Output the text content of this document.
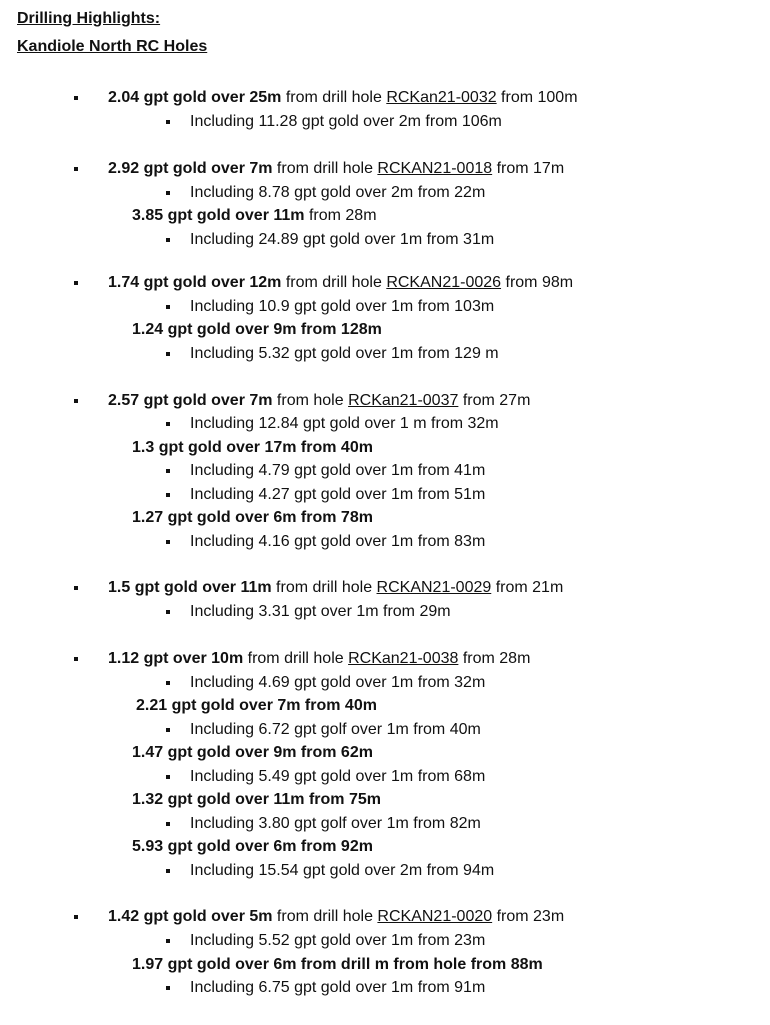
Drilling Highlights:
Kandiole North RC Holes
2.04 gpt gold over 25m from drill hole RCKan21-0032 from 100m
Including 11.28 gpt gold over 2m from 106m
2.92 gpt gold over 7m from drill hole RCKAN21-0018 from 17m
Including 8.78 gpt gold over 2m from 22m
3.85 gpt gold over 11m from 28m
Including 24.89 gpt gold over 1m from 31m
1.74 gpt gold over 12m from drill hole RCKAN21-0026 from 98m
Including 10.9 gpt gold over 1m from 103m
1.24 gpt gold over 9m from 128m
Including 5.32 gpt gold over 1m from 129 m
2.57 gpt gold over 7m from hole RCKan21-0037 from 27m
Including 12.84 gpt gold over 1 m from 32m
1.3 gpt gold over 17m from 40m
Including 4.79 gpt gold over 1m from 41m
Including 4.27 gpt gold over 1m from 51m
1.27 gpt gold over 6m from 78m
Including 4.16 gpt gold over 1m from 83m
1.5 gpt gold over 11m from drill hole RCKAN21-0029 from 21m
Including 3.31 gpt over 1m from 29m
1.12 gpt over 10m from drill hole RCKan21-0038 from 28m
Including 4.69 gpt gold over 1m from 32m
2.21 gpt gold over 7m from 40m
Including 6.72 gpt golf over 1m from 40m
1.47 gpt gold over 9m from 62m
Including 5.49 gpt gold over 1m from 68m
1.32 gpt gold over 11m from 75m
Including 3.80 gpt golf over 1m from 82m
5.93 gpt gold over 6m from 92m
Including 15.54 gpt gold over 2m from 94m
1.42 gpt gold over 5m from drill hole RCKAN21-0020 from 23m
Including 5.52 gpt gold over 1m from 23m
1.97 gpt gold over 6m from drill m from hole from 88m
Including 6.75 gpt gold over 1m from 91m
